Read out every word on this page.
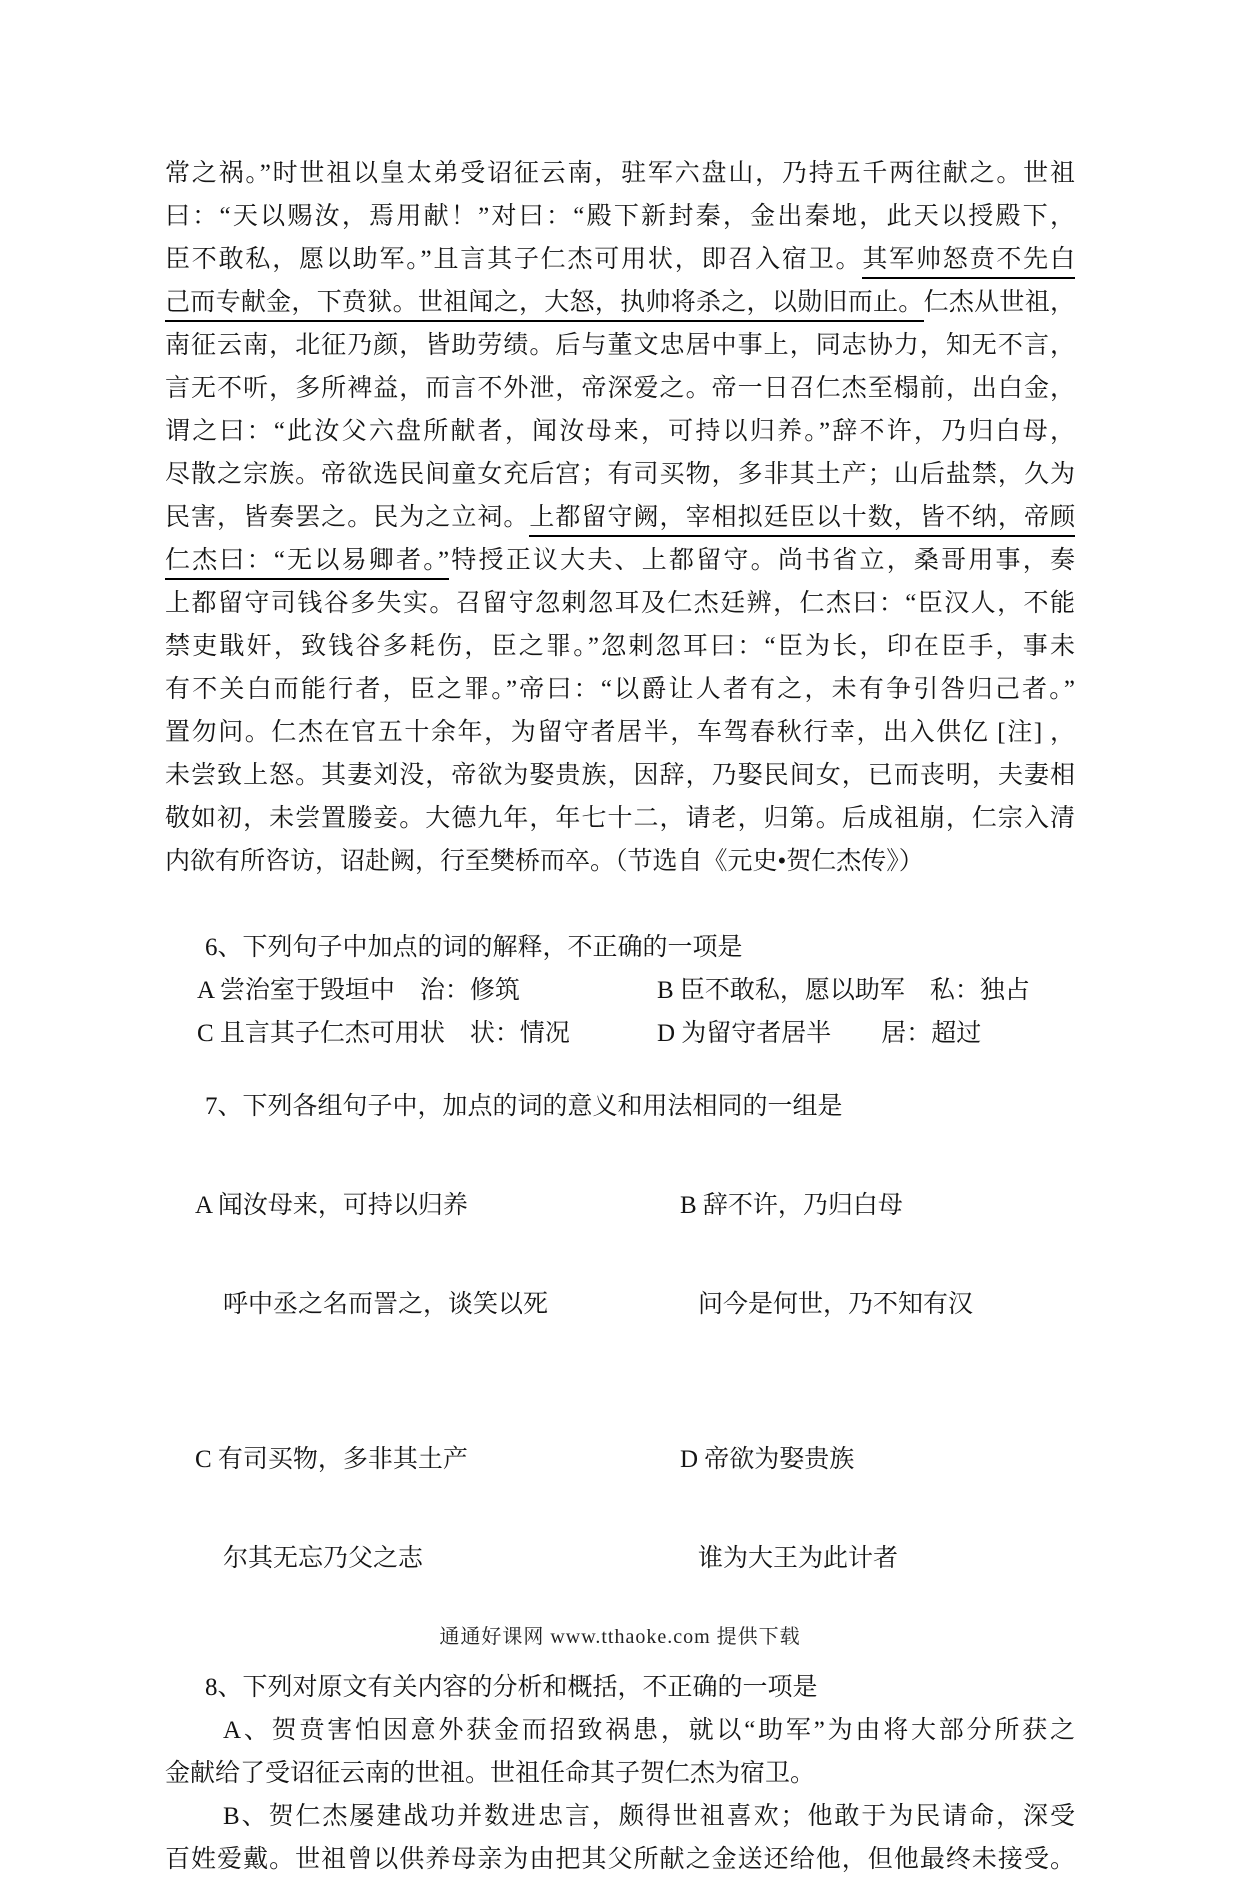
常之祸。”时世祖以皇太弟受诏征云南，驻军六盘山，乃持五千两往献之。世祖
曰：“天以赐汝，焉用献！”对曰：“殿下新封秦，金出秦地，此天以授殿下，
臣不敢私，愿以助军。”且言其子仁杰可用状，即召入宿卫。其军帅怒贲不先白
己而专献金，下贲狱。世祖闻之，大怒，执帅将杀之，以勋旧而止。仁杰从世祖，
南征云南，北征乃颜，皆助劳绩。后与董文忠居中事上，同志协力，知无不言，
言无不听，多所裨益，而言不外泄，帝深爱之。帝一日召仁杰至榻前，出白金，
谓之曰：“此汝父六盘所献者，闻汝母来，可持以归养。”辞不许，乃归白母，
尽散之宗族。帝欲选民间童女充后宫；有司买物，多非其土产；山后盐禁，久为
民害，皆奏罢之。民为之立祠。上都留守阙，宰相拟廷臣以十数，皆不纳，帝顾
仁杰曰：“无以易卿者。”特授正议大夫、上都留守。尚书省立，桑哥用事，奏
上都留守司钱谷多失实。召留守忽剌忽耳及仁杰廷辨，仁杰曰：“臣汉人，不能
禁吏戢奸，致钱谷多耗伤，臣之罪。”忽剌忽耳曰：“臣为长，印在臣手，事未
有不关白而能行者，臣之罪。”帝曰：“以爵让人者有之，未有争引咎归己者。”
置勿问。仁杰在官五十余年，为留守者居半，车驾春秋行幸，出入供亿 [注] ，
未尝致上怒。其妻刘没，帝欲为娶贵族，因辞，乃娶民间女，已而丧明，夫妻相
敬如初，未尝置媵妾。大德九年，年七十二，请老，归第。后成祖崩，仁宗入清
内欲有所咨访，诏赴阙，行至樊桥而卒。（节选自《元史•贺仁杰传》）
6、下列句子中加点的词的解释，不正确的一项是
A 尝治室于毁垣中　治：修筑	B 臣不敢私，愿以助军　私：独占
C 且言其子仁杰可用状　状：情况	D 为留守者居半　　居：超过
7、下列各组句子中，加点的词的意义和用法相同的一组是

A 闻汝母来，可持以归养

呼中丞之名而詈之，谈笑以死

B 辞不许，乃归白母

问今是何世，乃不知有汉

C 有司买物，多非其土产

尔其无忘乃父之志

D 帝欲为娶贵族

谁为大王为此计者

8、下列对原文有关内容的分析和概括，不正确的一项是
A、贺贲害怕因意外获金而招致祸患，就以“助军”为由将大部分所获之
金献给了受诏征云南的世祖。世祖任命其子贺仁杰为宿卫。
B、贺仁杰屡建战功并数进忠言，颇得世祖喜欢；他敢于为民请命，深受
百姓爱戴。世祖曾以供养母亲为由把其父所献之金送还给他，但他最终未接受。
通通好课网 www.tthaoke.com 提供下载
